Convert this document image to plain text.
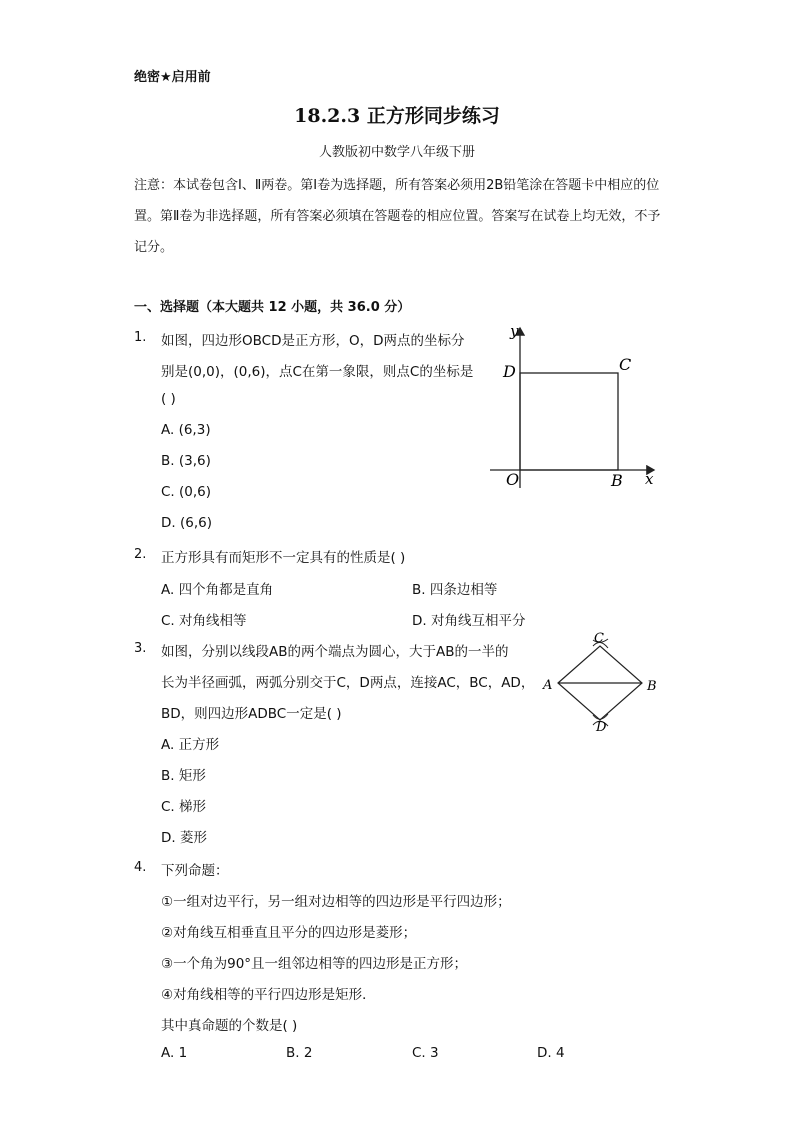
绝密★启用前
18.2.3 正方形同步练习
人教版初中数学八年级下册
注意：本试卷包含Ⅰ、Ⅱ两卷。第Ⅰ卷为选择题，所有答案必须用2B铅笔涂在答题卡中相应的位置。第Ⅱ卷为非选择题，所有答案必须填在答题卷的相应位置。答案写在试卷上均无效，不予记分。
一、选择题（本大题共 12 小题，共 36.0 分）
1. 如图，四边形OBCD是正方形，O，D两点的坐标分
别是(0,0)，(0,6)，点C在第一象限，则点C的坐标是
( )
A. (6,3)
B. (3,6)
C. (0,6)
D. (6,6)
y
D	C
O	B x
2. 正方形具有而矩形不一定具有的性质是( )
A. 四个角都是直角	B. 四条边相等
C. 对角线相等	D. 对角线互相平分
3. 如图，分别以线段AB的两个端点为圆心，大于AB的一半的
长为半径画弧，两弧分别交于C，D两点，连接AC，BC，AD，
BD，则四边形ADBC一定是( )
A. 正方形
B. 矩形
C. 梯形
D. 菱形
A	B
C
D
4. 下列命题：
①一组对边平行，另一组对边相等的四边形是平行四边形；
②对角线互相垂直且平分的四边形是菱形；
③一个角为90°且一组邻边相等的四边形是正方形；
④对角线相等的平行四边形是矩形．
其中真命题的个数是( )
A. 1	B. 2	C. 3	D. 4
